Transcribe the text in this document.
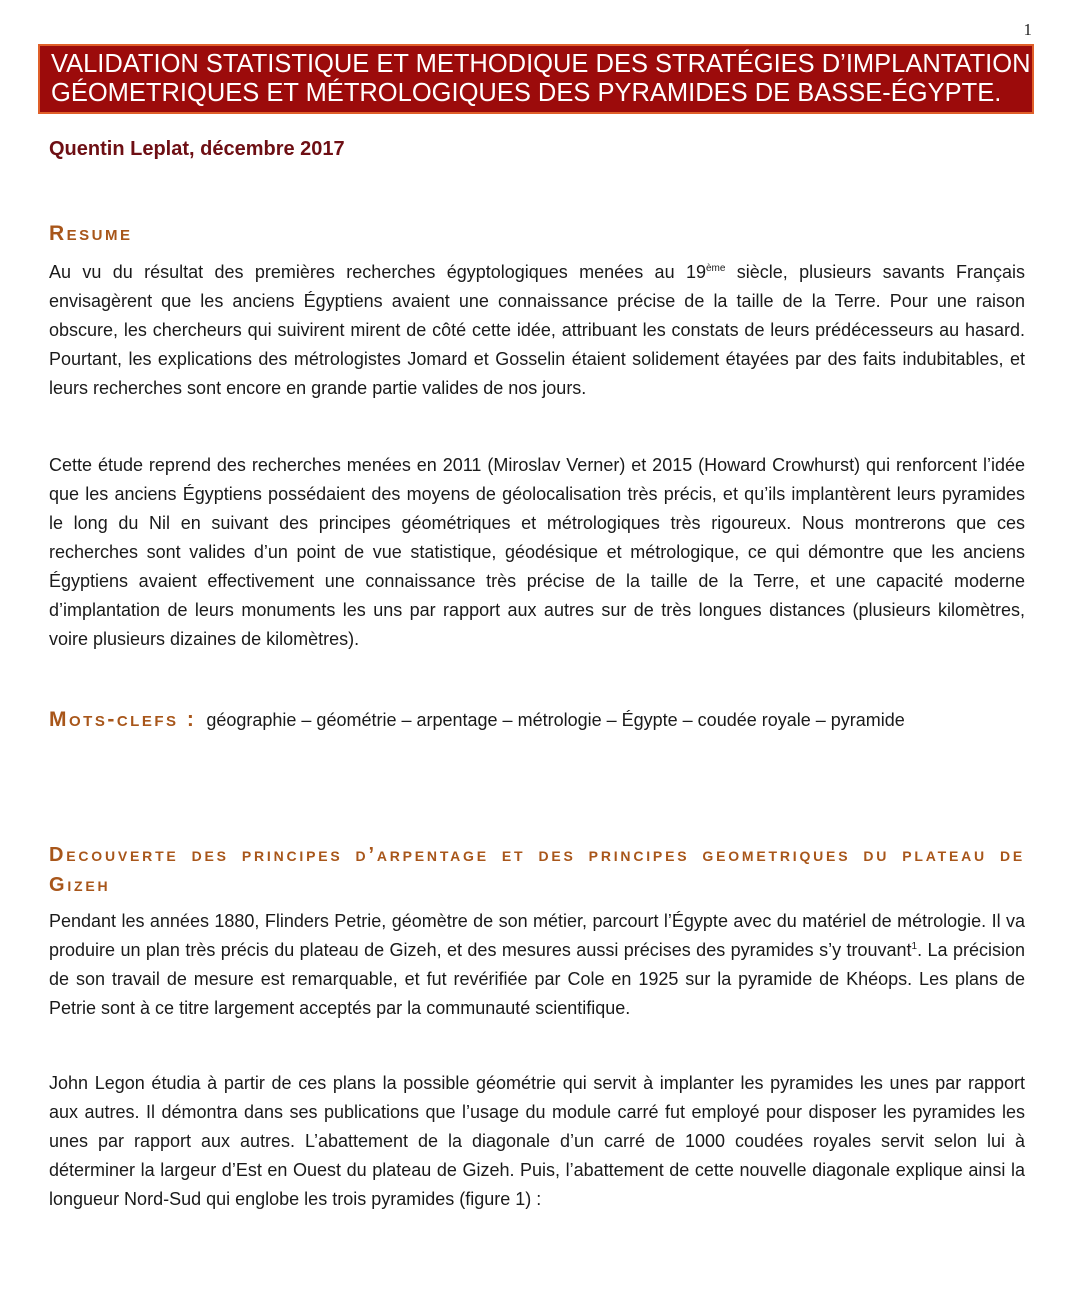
1
VALIDATION STATISTIQUE ET METHODIQUE DES STRATÉGIES D’IMPLANTATION
GÉOMETRIQUES ET MÉTROLOGIQUES DES PYRAMIDES DE BASSE-ÉGYPTE.
Quentin Leplat, décembre 2017
Resume

Au vu du résultat des premières recherches égyptologiques menées au 19ème siècle, plusieurs savants Français envisagèrent que les anciens Égyptiens avaient une connaissance précise de la taille de la Terre. Pour une raison obscure, les chercheurs qui suivirent mirent de côté cette idée, attribuant les constats de leurs prédécesseurs au hasard. Pourtant, les explications des métrologistes Jomard et Gosselin étaient solidement étayées par des faits indubitables, et leurs recherches sont encore en grande partie valides de nos jours.

Cette étude reprend des recherches menées en 2011 (Miroslav Verner) et 2015 (Howard Crowhurst) qui renforcent l’idée que les anciens Égyptiens possédaient des moyens de géolocalisation très précis, et qu’ils implantèrent leurs pyramides le long du Nil en suivant des principes géométriques et métrologiques très rigoureux. Nous montrerons que ces recherches sont valides d’un point de vue statistique, géodésique et métrologique, ce qui démontre que les anciens Égyptiens avaient effectivement une connaissance très précise de la taille de la Terre, et une capacité moderne d’implantation de leurs monuments les uns par rapport aux autres sur de très longues distances (plusieurs kilomètres, voire plusieurs dizaines de kilomètres).

Mots-clefs : géographie – géométrie – arpentage – métrologie – Égypte – coudée royale – pyramide
Decouverte des principes d’arpentage et des principes geometriques du plateau de Gizeh

Pendant les années 1880, Flinders Petrie, géomètre de son métier, parcourt l’Égypte avec du matériel de métrologie. Il va produire un plan très précis du plateau de Gizeh, et des mesures aussi précises des pyramides s’y trouvant$^1$. La précision de son travail de mesure est remarquable, et fut revérifiée par Cole en 1925 sur la pyramide de Khéops. Les plans de Petrie sont à ce titre largement acceptés par la communauté scientifique.

John Legon étudia à partir de ces plans la possible géométrie qui servit à implanter les pyramides les unes par rapport aux autres. Il démontra dans ses publications que l’usage du module carré fut employé pour disposer les pyramides les unes par rapport aux autres. L’abattement de la diagonale d’un carré de 1000 coudées royales servit selon lui à déterminer la largeur d’Est en Ouest du plateau de Gizeh. Puis, l’abattement de cette nouvelle diagonale explique ainsi la longueur Nord-Sud qui englobe les trois pyramides (figure 1) :
